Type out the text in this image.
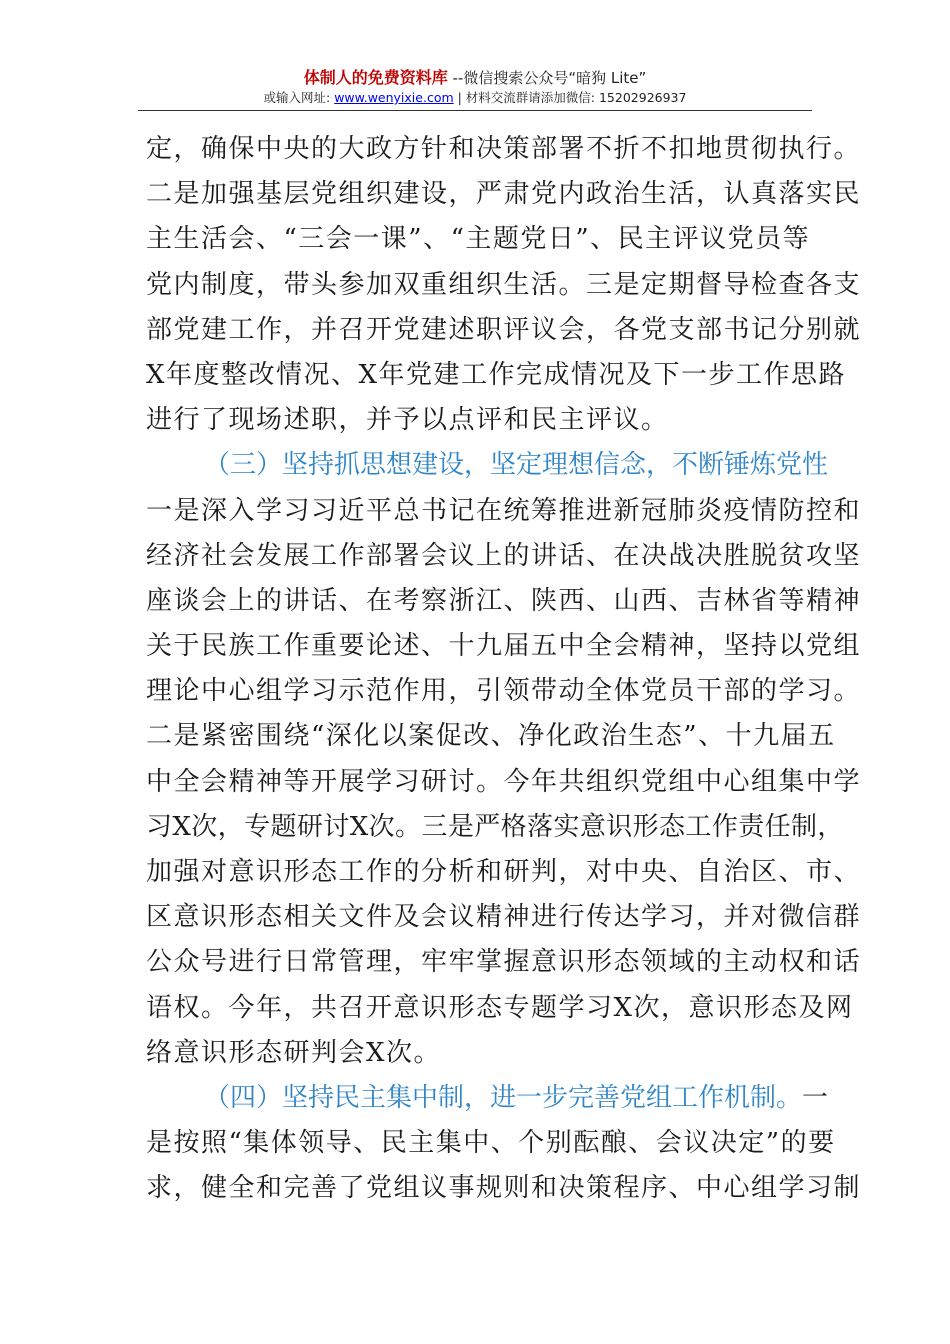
体制人的免费资料库 --微信搜索公众号“暗狗 Lite”
或输入网址: www.wenyixie.com | 材料交流群请添加微信: 15202926937
定，确保中央的大政方针和决策部署不折不扣地贯彻执行。
二是加强基层党组织建设，严肃党内政治生活，认真落实民
主生活会、“三会一课”、“主题党日”、民主评议党员等
党内制度，带头参加双重组织生活。三是定期督导检查各支
部党建工作，并召开党建述职评议会，各党支部书记分别就
X年度整改情况、X年党建工作完成情况及下一步工作思路
进行了现场述职，并予以点评和民主评议。
（三）坚持抓思想建设，坚定理想信念，不断锤炼党性
一是深入学习习近平总书记在统筹推进新冠肺炎疫情防控和
经济社会发展工作部署会议上的讲话、在决战决胜脱贫攻坚
座谈会上的讲话、在考察浙江、陕西、山西、吉林省等精神
关于民族工作重要论述、十九届五中全会精神，坚持以党组
理论中心组学习示范作用，引领带动全体党员干部的学习。
二是紧密围绕“深化以案促改、净化政治生态”、十九届五
中全会精神等开展学习研讨。今年共组织党组中心组集中学
习X次，专题研讨X次。三是严格落实意识形态工作责任制，
加强对意识形态工作的分析和研判，对中央、自治区、市、
区意识形态相关文件及会议精神进行传达学习，并对微信群
公众号进行日常管理，牢牢掌握意识形态领域的主动权和话
语权。今年，共召开意识形态专题学习X次，意识形态及网
络意识形态研判会X次。
（四）坚持民主集中制，进一步完善党组工作机制。一
是按照“集体领导、民主集中、个别酝酿、会议决定”的要
求，健全和完善了党组议事规则和决策程序、中心组学习制
